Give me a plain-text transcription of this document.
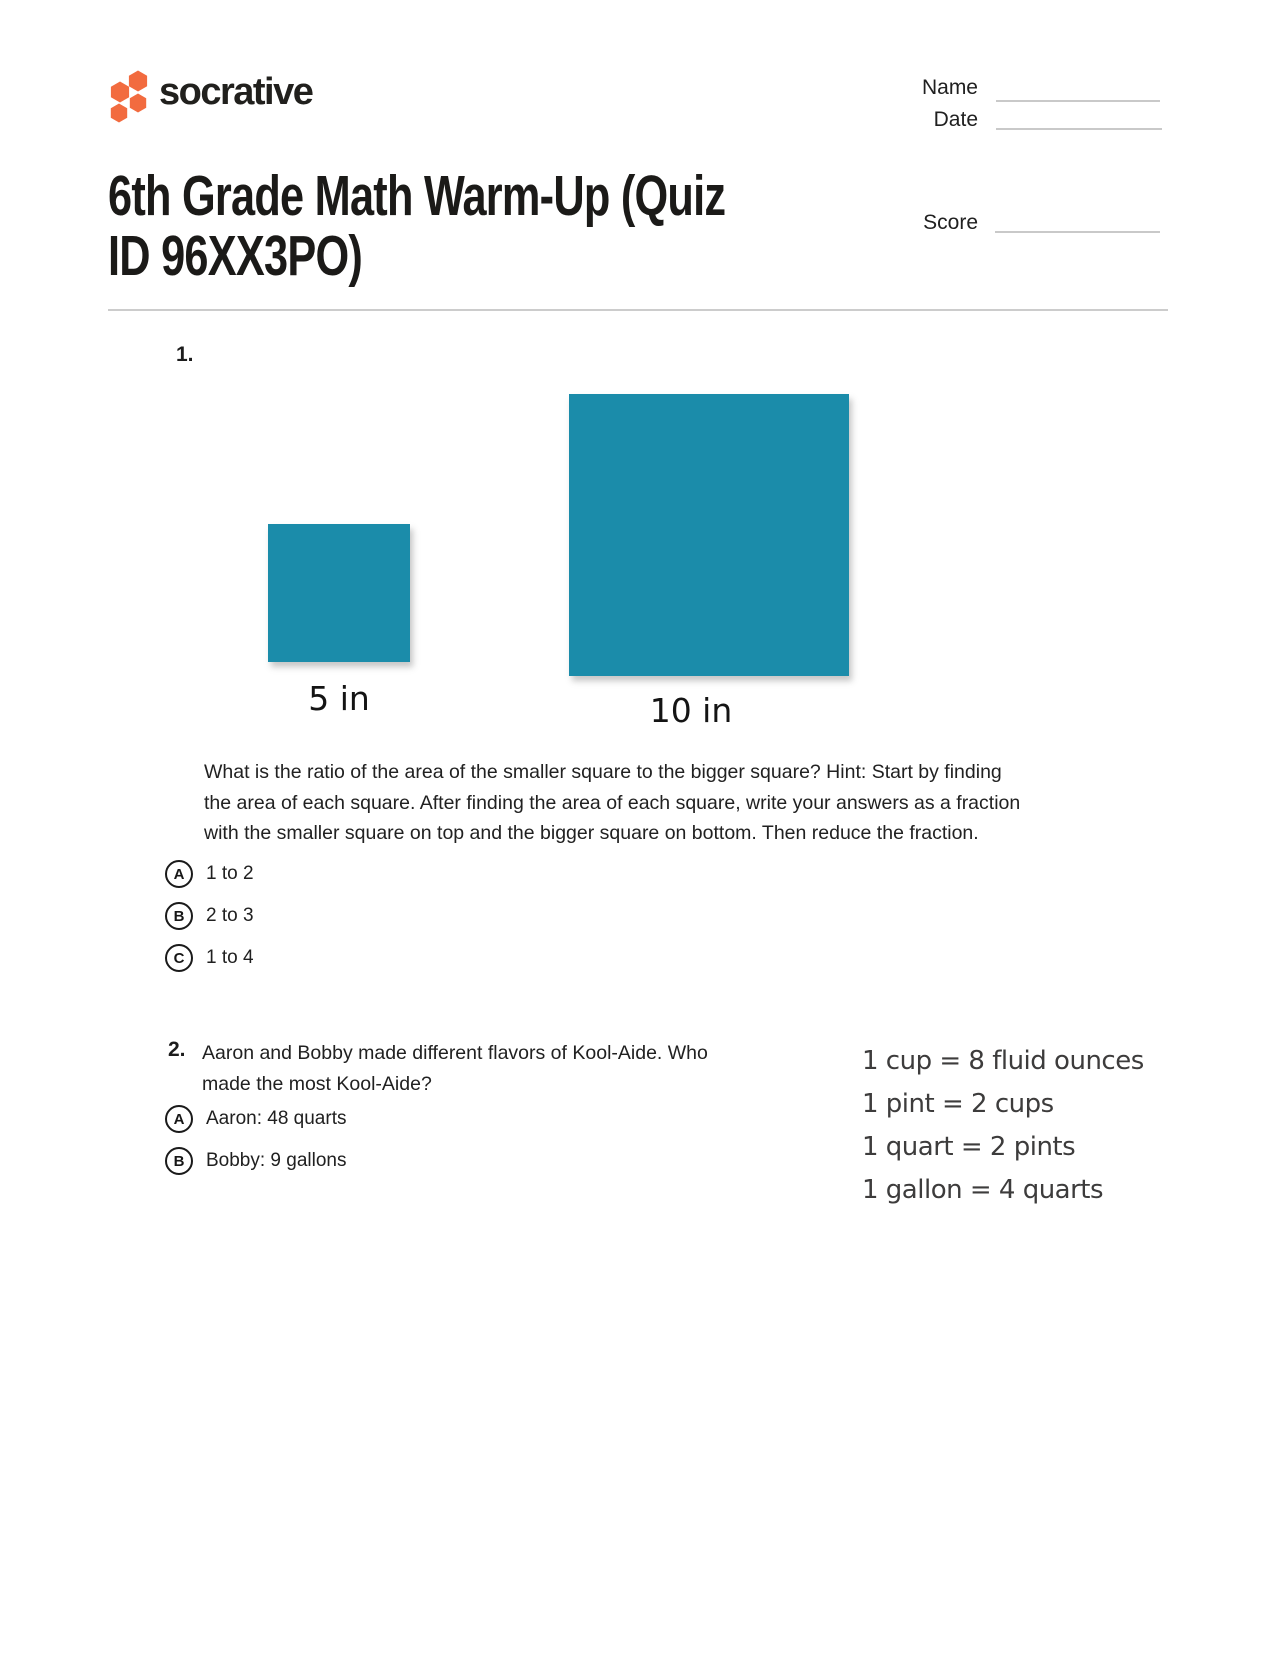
socrative	Name
Date
Score
6th Grade Math Warm-Up (Quiz
ID 96XX3PO)
1.
5 in	10 in
What is the ratio of the area of the smaller square to the bigger square? Hint: Start by finding
the area of each square. After finding the area of each square, write your answers as a fraction
with the smaller square on top and the bigger square on bottom. Then reduce the fraction.
A	1 to 2
B	2 to 3
C	1 to 4
2. Aaron and Bobby made different flavors of Kool-Aide. Who
made the most Kool-Aide?
A	Aaron: 48 quarts
B	Bobby: 9 gallons
1 cup = 8 fluid ounces
1 pint = 2 cups
1 quart = 2 pints
1 gallon = 4 quarts
